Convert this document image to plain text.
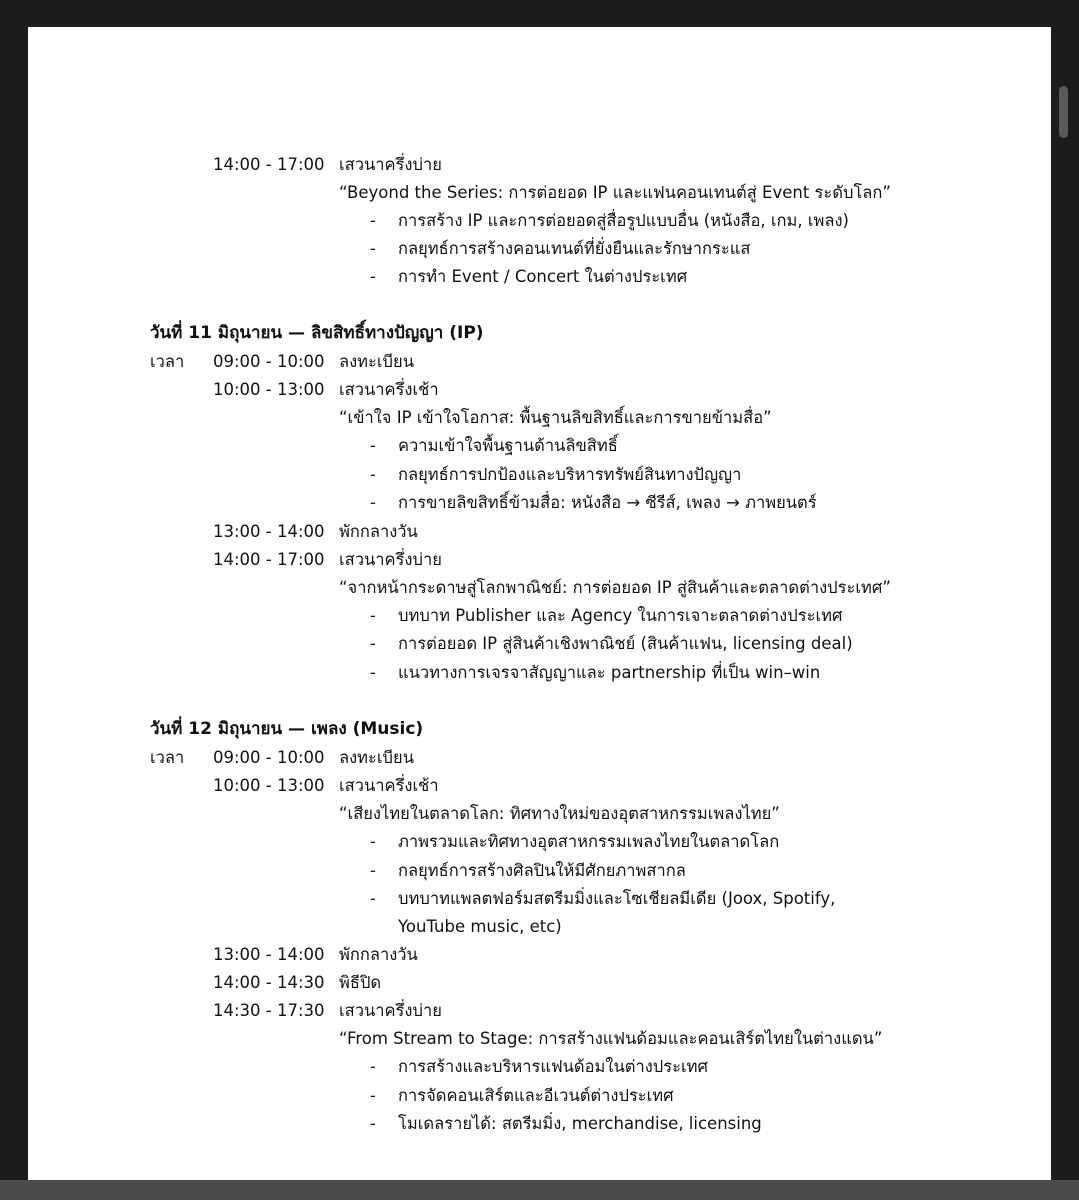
14:00 - 17:00 เสวนาครึ่งบ่าย
“Beyond the Series: การต่อยอด IP และแฟนคอนเทนต์สู่ Event ระดับโลก”
- การสร้าง IP และการต่อยอดสู่สื่อรูปแบบอื่น (หนังสือ, เกม, เพลง)
- กลยุทธ์การสร้างคอนเทนต์ที่ยั่งยืนและรักษากระแส
- การทำ Event / Concert ในต่างประเทศ
วันที่ 11 มิถุนายน — ลิขสิทธิ์ทางปัญญา (IP)
เวลา 09:00 - 10:00 ลงทะเบียน
10:00 - 13:00 เสวนาครึ่งเช้า
“เข้าใจ IP เข้าใจโอกาส: พื้นฐานลิขสิทธิ์และการขายข้ามสื่อ”
- ความเข้าใจพื้นฐานด้านลิขสิทธิ์
- กลยุทธ์การปกป้องและบริหารทรัพย์สินทางปัญญา
- การขายลิขสิทธิ์ข้ามสื่อ: หนังสือ → ซีรีส์, เพลง → ภาพยนตร์
13:00 - 14:00 พักกลางวัน
14:00 - 17:00 เสวนาครึ่งบ่าย
“จากหน้ากระดาษสู่โลกพาณิชย์: การต่อยอด IP สู่สินค้าและตลาดต่างประเทศ”
- บทบาท Publisher และ Agency ในการเจาะตลาดต่างประเทศ
- การต่อยอด IP สู่สินค้าเชิงพาณิชย์ (สินค้าแฟน, licensing deal)
- แนวทางการเจรจาสัญญาและ partnership ที่เป็น win–win
วันที่ 12 มิถุนายน — เพลง (Music)
เวลา 09:00 - 10:00 ลงทะเบียน
10:00 - 13:00 เสวนาครึ่งเช้า
“เสียงไทยในตลาดโลก: ทิศทางใหม่ของอุตสาหกรรมเพลงไทย”
- ภาพรวมและทิศทางอุตสาหกรรมเพลงไทยในตลาดโลก
- กลยุทธ์การสร้างศิลปินให้มีศักยภาพสากล
- บทบาทแพลตฟอร์มสตรีมมิ่งและโซเชียลมีเดีย (Joox, Spotify,
YouTube music, etc)
13:00 - 14:00 พักกลางวัน
14:00 - 14:30 พิธีปิด
14:30 - 17:30 เสวนาครึ่งบ่าย
“From Stream to Stage: การสร้างแฟนด้อมและคอนเสิร์ตไทยในต่างแดน”
- การสร้างและบริหารแฟนด้อมในต่างประเทศ
- การจัดคอนเสิร์ตและอีเวนต์ต่างประเทศ
- โมเดลรายได้: สตรีมมิ่ง, merchandise, licensing
